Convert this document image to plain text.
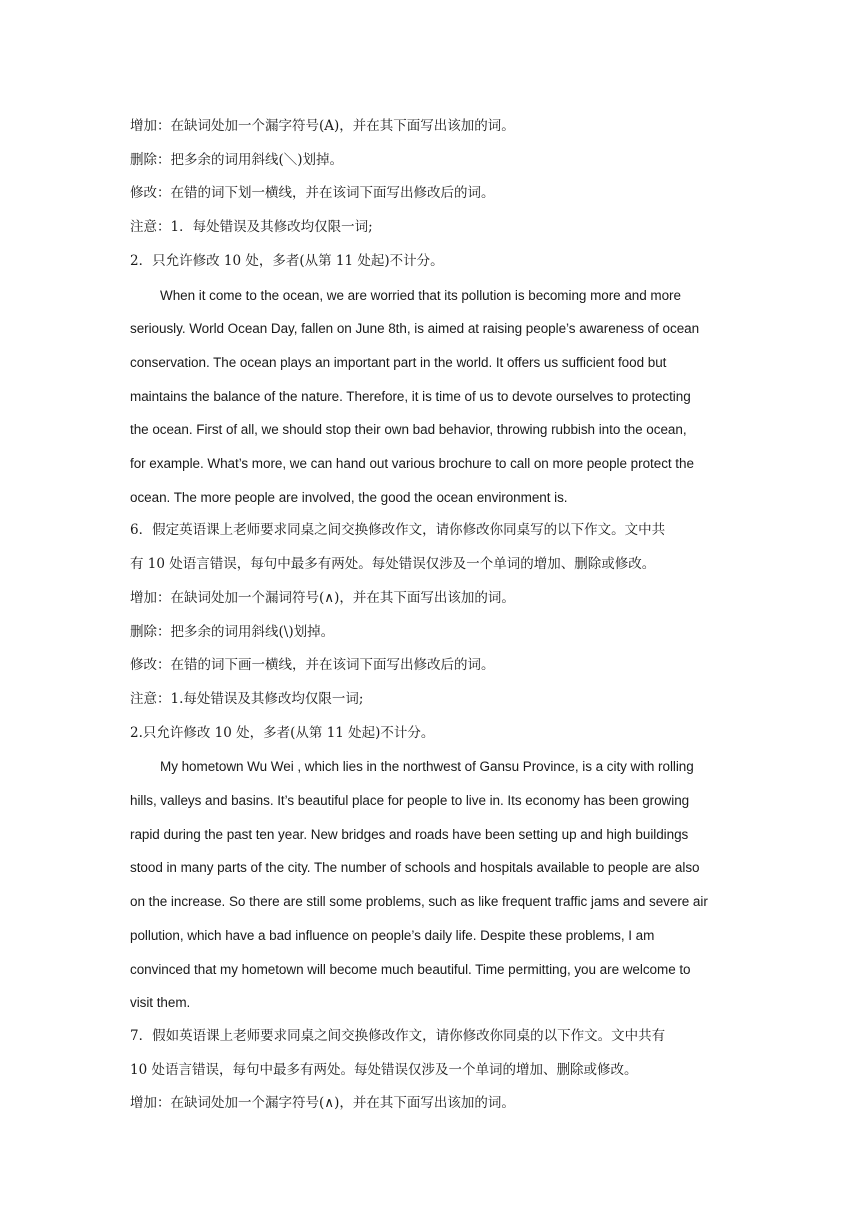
增加：在缺词处加一个漏字符号(A)，并在其下面写出该加的词。
删除：把多余的词用斜线(＼)划掉。
修改：在错的词下划一横线，并在该词下面写出修改后的词。
注意：1．每处错误及其修改均仅限一词;
2．只允许修改 10 处，多者(从第 11 处起)不计分。
When it come to the ocean, we are worried that its pollution is becoming more and more
seriously. World Ocean Day, fallen on June 8th, is aimed at raising people’s awareness of ocean
conservation. The ocean plays an important part in the world. It offers us sufficient food but
maintains the balance of the nature. Therefore, it is time of us to devote ourselves to protecting
the ocean. First of all, we should stop their own bad behavior, throwing rubbish into the ocean,
for example. What’s more, we can hand out various brochure to call on more people protect the
ocean. The more people are involved, the good the ocean environment is.
6．假定英语课上老师要求同桌之间交换修改作文，请你修改你同桌写的以下作文。文中共
有 10 处语言错误，每句中最多有两处。每处错误仅涉及一个单词的增加、删除或修改。
增加：在缺词处加一个漏词符号(∧)，并在其下面写出该加的词。
删除：把多余的词用斜线(\)划掉。
修改：在错的词下画一横线，并在该词下面写出修改后的词。
注意：1.每处错误及其修改均仅限一词;
2.只允许修改 10 处，多者(从第 11 处起)不计分。
My hometown Wu Wei , which lies in the northwest of Gansu Province, is a city with rolling
hills, valleys and basins. It’s beautiful place for people to live in. Its economy has been growing
rapid during the past ten year. New bridges and roads have been setting up and high buildings
stood in many parts of the city. The number of schools and hospitals available to people are also
on the increase. So there are still some problems, such as like frequent traffic jams and severe air
pollution, which have a bad influence on people’s daily life. Despite these problems, I am
convinced that my hometown will become much beautiful. Time permitting, you are welcome to
visit them.
7．假如英语课上老师要求同桌之间交换修改作文，请你修改你同桌的以下作文。文中共有
10 处语言错误，每句中最多有两处。每处错误仅涉及一个单词的增加、删除或修改。
增加：在缺词处加一个漏字符号(∧)，并在其下面写出该加的词。
